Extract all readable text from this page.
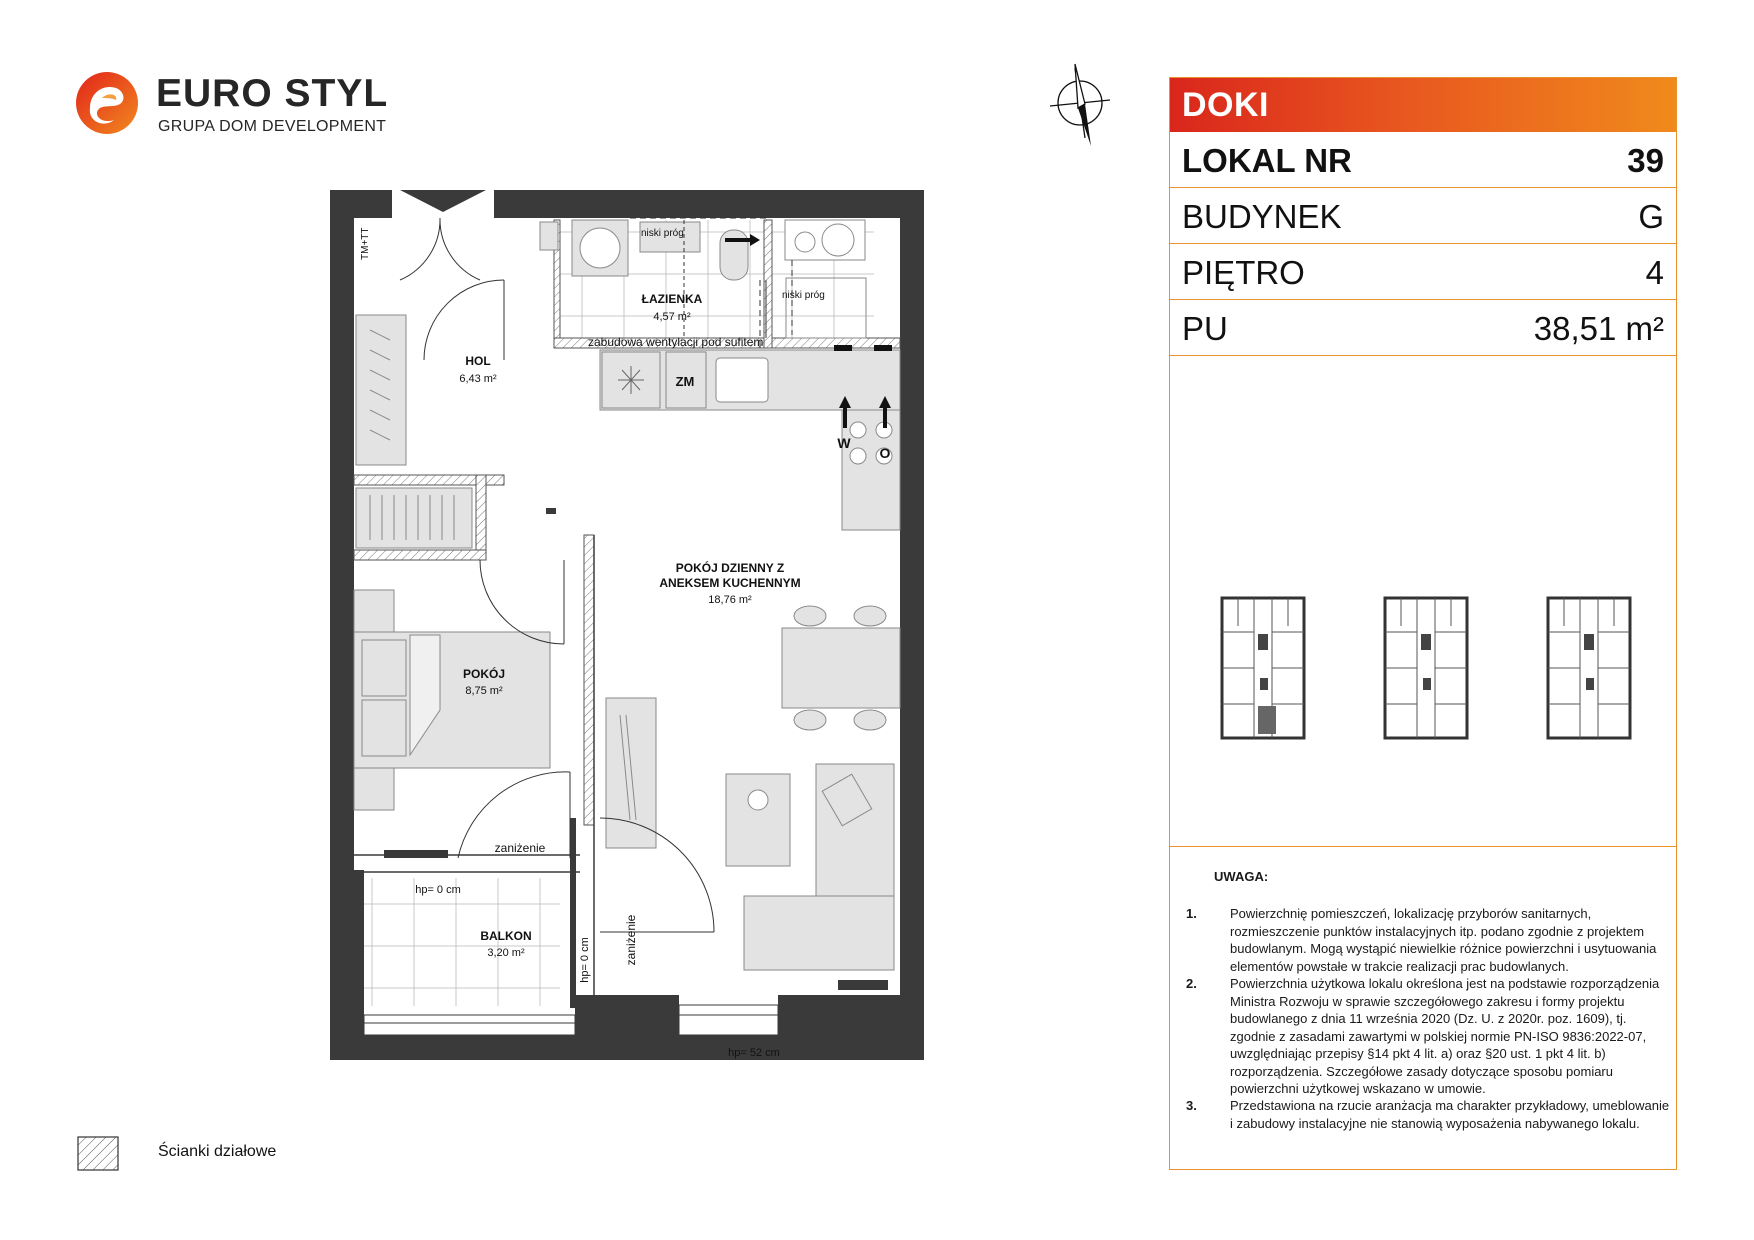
EURO STYL
GRUPA DOM DEVELOPMENT
TM+TT	niski próg
niski próg
ŁAZIENKA
4,57 m²
zabudowa wentylacji pod sufitem
HOL
6,43 m²	ZM
W
O
POKÓJ DZIENNY Z
ANEKSEM KUCHENNYM
18,76 m²
POKÓJ
8,75 m²
zaniżenie
hp= 0 cm
BALKON
3,20 m²	hp= 0 cm	zaniżenie
hp= 52 cm
DOKI
LOKAL NR	39
BUDYNEK	G
PIĘTRO	4
PU	38,51 m²
UWAGA:
1.	Powierzchnię pomieszczeń, lokalizację przyborów sanitarnych, rozmieszczenie punktów instalacyjnych itp. podano zgodnie z projektem budowlanym. Mogą wystąpić niewielkie różnice powierzchni i usytuowania elementów powstałe w trakcie realizacji prac budowlanych.
2.	Powierzchnia użytkowa lokalu określona jest na podstawie rozporządzenia Ministra Rozwoju w sprawie szczegółowego zakresu i formy projektu budowlanego z dnia 11 września 2020 (Dz. U. z 2020r. poz. 1609), tj. zgodnie z zasadami zawartymi w polskiej normie PN-ISO 9836:2022-07, uwzględniając przepisy §14 pkt 4 lit. a) oraz §20 ust. 1 pkt 4 lit. b) rozporządzenia. Szczegółowe zasady dotyczące sposobu pomiaru powierzchni użytkowej wskazano w umowie.
3.	Przedstawiona na rzucie aranżacja ma charakter przykładowy, umeblowanie i zabudowy instalacyjne nie stanowią wyposażenia nabywanego lokalu.
Ścianki działowe
